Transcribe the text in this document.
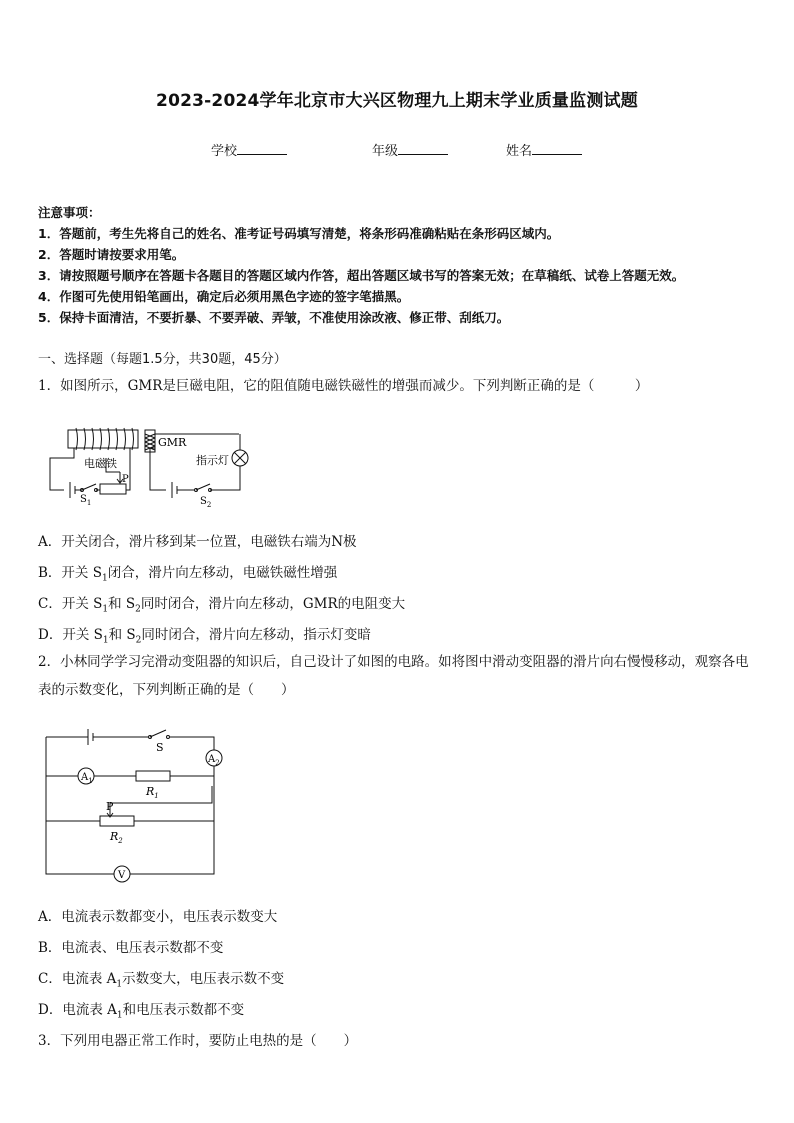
2023-2024学年北京市大兴区物理九上期末学业质量监测试题
学校	年级	姓名
注意事项：
1．答题前，考生先将自己的姓名、准考证号码填写清楚，将条形码准确粘贴在条形码区域内。
2．答题时请按要求用笔。
3．请按照题号顺序在答题卡各题目的答题区域内作答，超出答题区域书写的答案无效；在草稿纸、试卷上答题无效。
4．作图可先使用铅笔画出，确定后必须用黑色字迹的签字笔描黑。
5．保持卡面清洁，不要折暴、不要弄破、弄皱，不准使用涂改液、修正带、刮纸刀。
一、选择题（每题1.5分，共30题，45分）
1．如图所示，GMR是巨磁电阻，它的阻值随电磁铁磁性的增强而减少。下列判断正确的是（　　　）
GMR
电磁铁
P
指示灯
$S_1$	$S_2$
A．开关闭合，滑片移到某一位置，电磁铁右端为N极
B．开关 $S_1$闭合，滑片向左移动，电磁铁磁性增强
C．开关 $S_1$和 $S_2$同时闭合，滑片向左移动，GMR的电阻变大
D．开关 $S_1$和 $S_2$同时闭合，滑片向左移动，指示灯变暗
2．小林同学学习完滑动变阻器的知识后，自己设计了如图的电路。如将图中滑动变阻器的滑片向右慢慢移动，观察各电表的示数变化，下列判断正确的是（　　）
S
$A_2$
$A_1$
$R_1$
P
$R_2$
V
A．电流表示数都变小，电压表示数变大
B．电流表、电压表示数都不变
C．电流表 $A_1$示数变大，电压表示数不变
D．电流表 $A_1$和电压表示数都不变
3．下列用电器正常工作时，要防止电热的是（　　）
